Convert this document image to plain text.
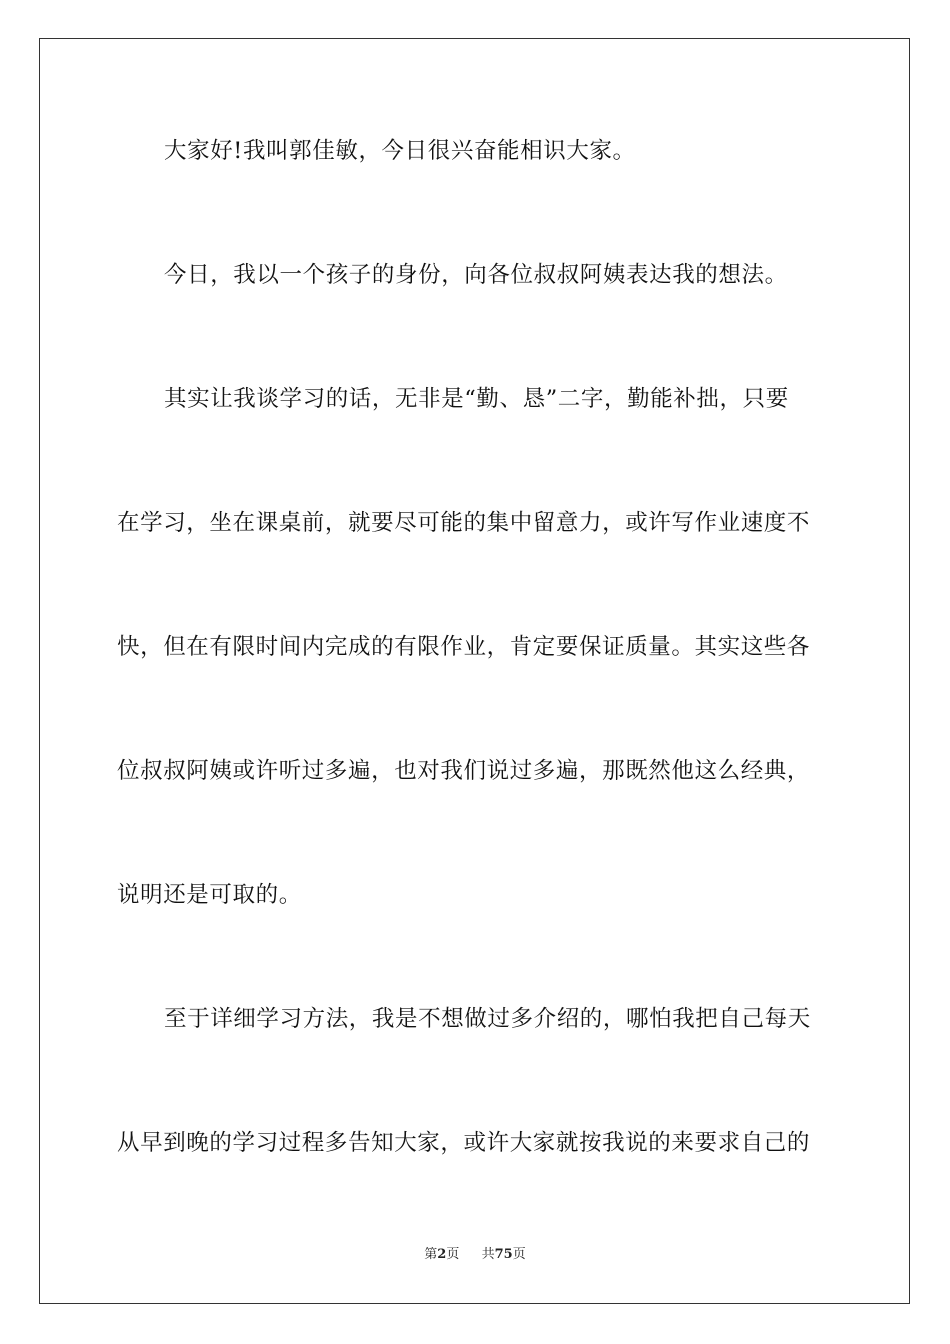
大家好!我叫郭佳敏，今日很兴奋能相识大家。
今日，我以一个孩子的身份，向各位叔叔阿姨表达我的想法。
其实让我谈学习的话，无非是“勤、恳”二字，勤能补拙，只要
在学习，坐在课桌前，就要尽可能的集中留意力，或许写作业速度不
快，但在有限时间内完成的有限作业，肯定要保证质量。其实这些各
位叔叔阿姨或许听过多遍，也对我们说过多遍，那既然他这么经典，
说明还是可取的。
至于详细学习方法，我是不想做过多介绍的，哪怕我把自己每天
从早到晚的学习过程多告知大家，或许大家就按我说的来要求自己的
第2页 共75页
